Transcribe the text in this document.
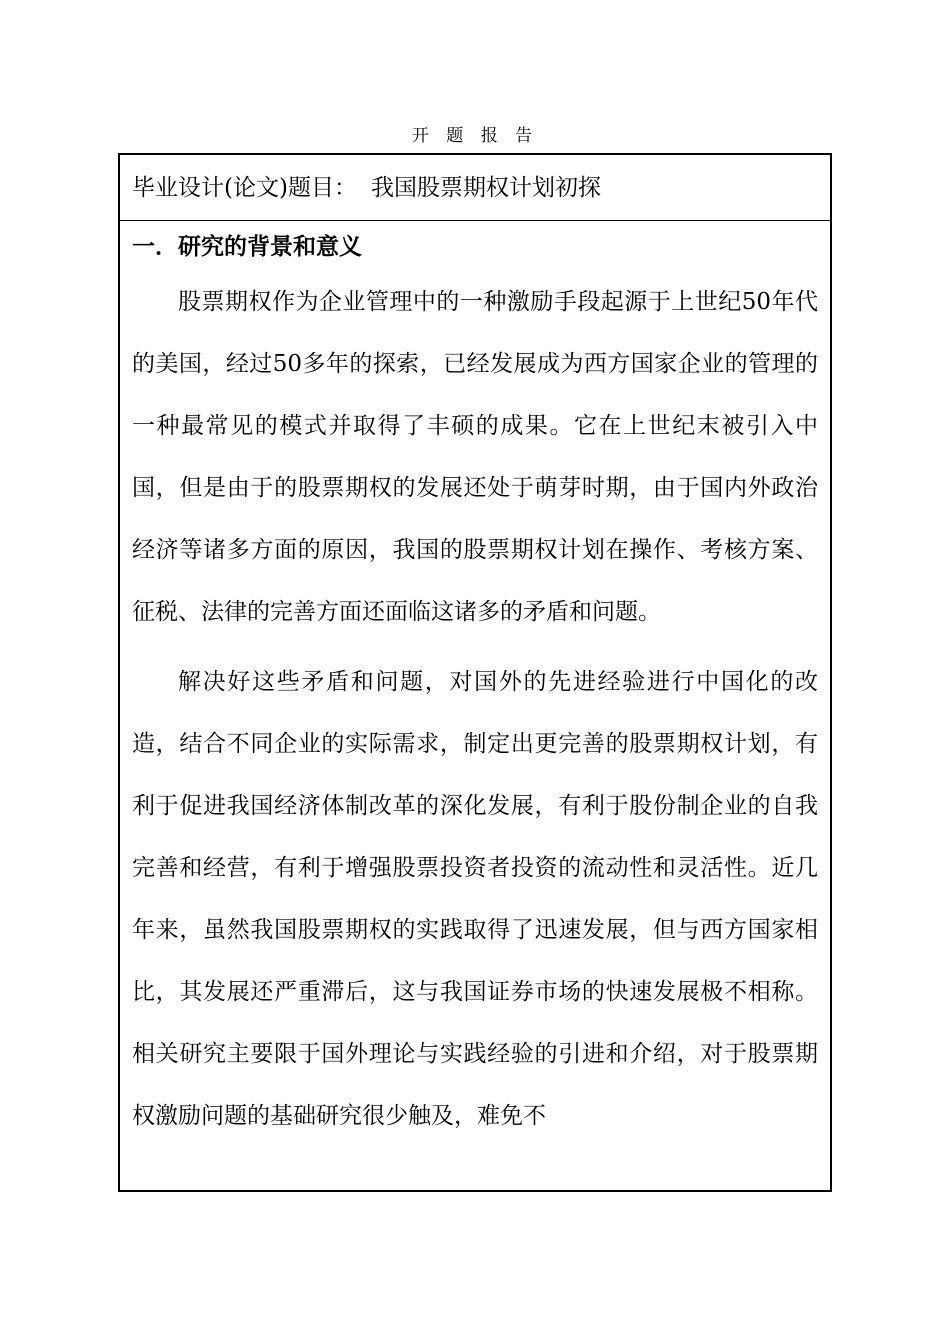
开 题 报 告
毕业设计(论文)题目： 我国股票期权计划初探
一．研究的背景和意义

股票期权作为企业管理中的一种激励手段起源于上世纪50年代的美国，经过50多年的探索，已经发展成为西方国家企业的管理的一种最常见的模式并取得了丰硕的成果。它在上世纪末被引入中国，但是由于的股票期权的发展还处于萌芽时期，由于国内外政治经济等诸多方面的原因，我国的股票期权计划在操作、考核方案、征税、法律的完善方面还面临这诸多的矛盾和问题。

解决好这些矛盾和问题，对国外的先进经验进行中国化的改造，结合不同企业的实际需求，制定出更完善的股票期权计划，有利于促进我国经济体制改革的深化发展，有利于股份制企业的自我完善和经营，有利于增强股票投资者投资的流动性和灵活性。近几年来，虽然我国股票期权的实践取得了迅速发展，但与西方国家相比，其发展还严重滞后，这与我国证券市场的快速发展极不相称。相关研究主要限于国外理论与实践经验的引进和介绍，对于股票期权激励问题的基础研究很少触及，难免不
